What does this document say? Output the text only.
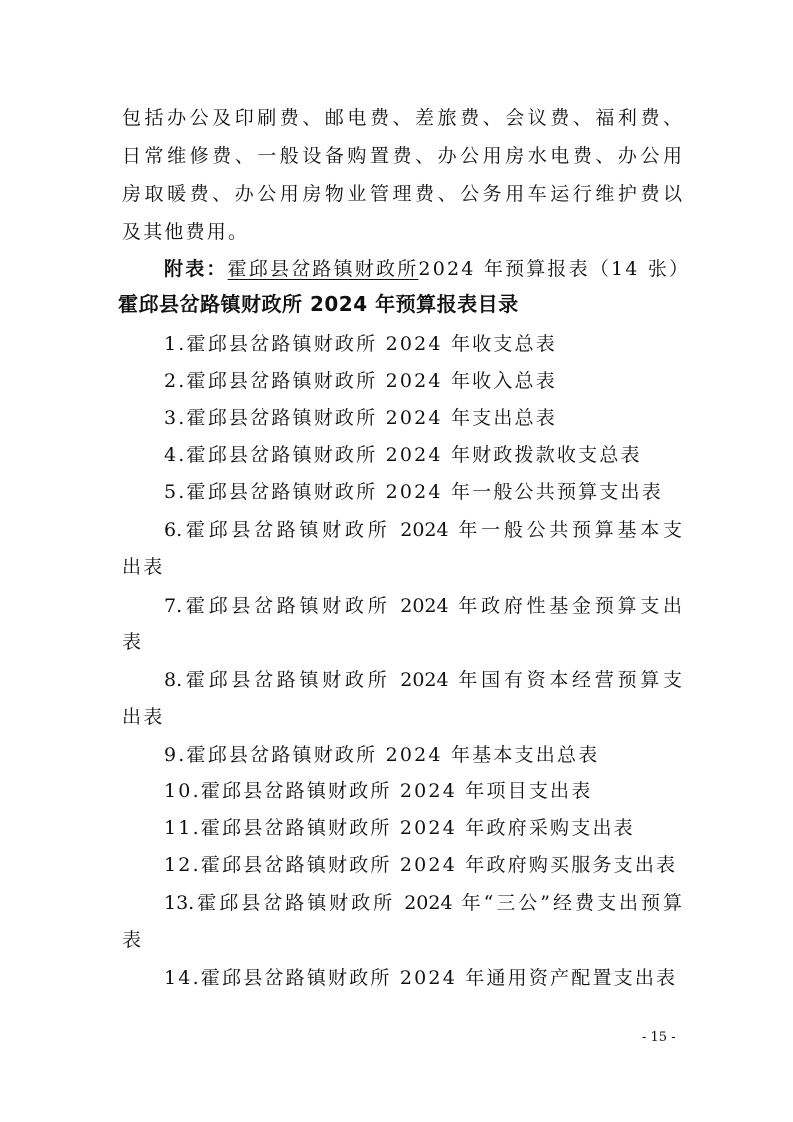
包括办公及印刷费、邮电费、差旅费、会议费、福利费、
日常维修费、一般设备购置费、办公用房水电费、办公用
房取暖费、办公用房物业管理费、公务用车运行维护费以
及其他费用。
附表：霍邱县岔路镇财政所2024 年预算报表（14 张）
霍邱县岔路镇财政所 2024 年预算报表目录
1.霍邱县岔路镇财政所 2024 年收支总表
2.霍邱县岔路镇财政所 2024 年收入总表
3.霍邱县岔路镇财政所 2024 年支出总表
4.霍邱县岔路镇财政所 2024 年财政拨款收支总表
5.霍邱县岔路镇财政所 2024 年一般公共预算支出表
6.霍邱县岔路镇财政所 2024 年一般公共预算基本支
出表
7.霍邱县岔路镇财政所 2024 年政府性基金预算支出
表
8.霍邱县岔路镇财政所 2024 年国有资本经营预算支
出表
9.霍邱县岔路镇财政所 2024 年基本支出总表
10.霍邱县岔路镇财政所 2024 年项目支出表
11.霍邱县岔路镇财政所 2024 年政府采购支出表
12.霍邱县岔路镇财政所 2024 年政府购买服务支出表
13.霍邱县岔路镇财政所 2024 年“三公”经费支出预算
表
14.霍邱县岔路镇财政所 2024 年通用资产配置支出表
- 15 -
